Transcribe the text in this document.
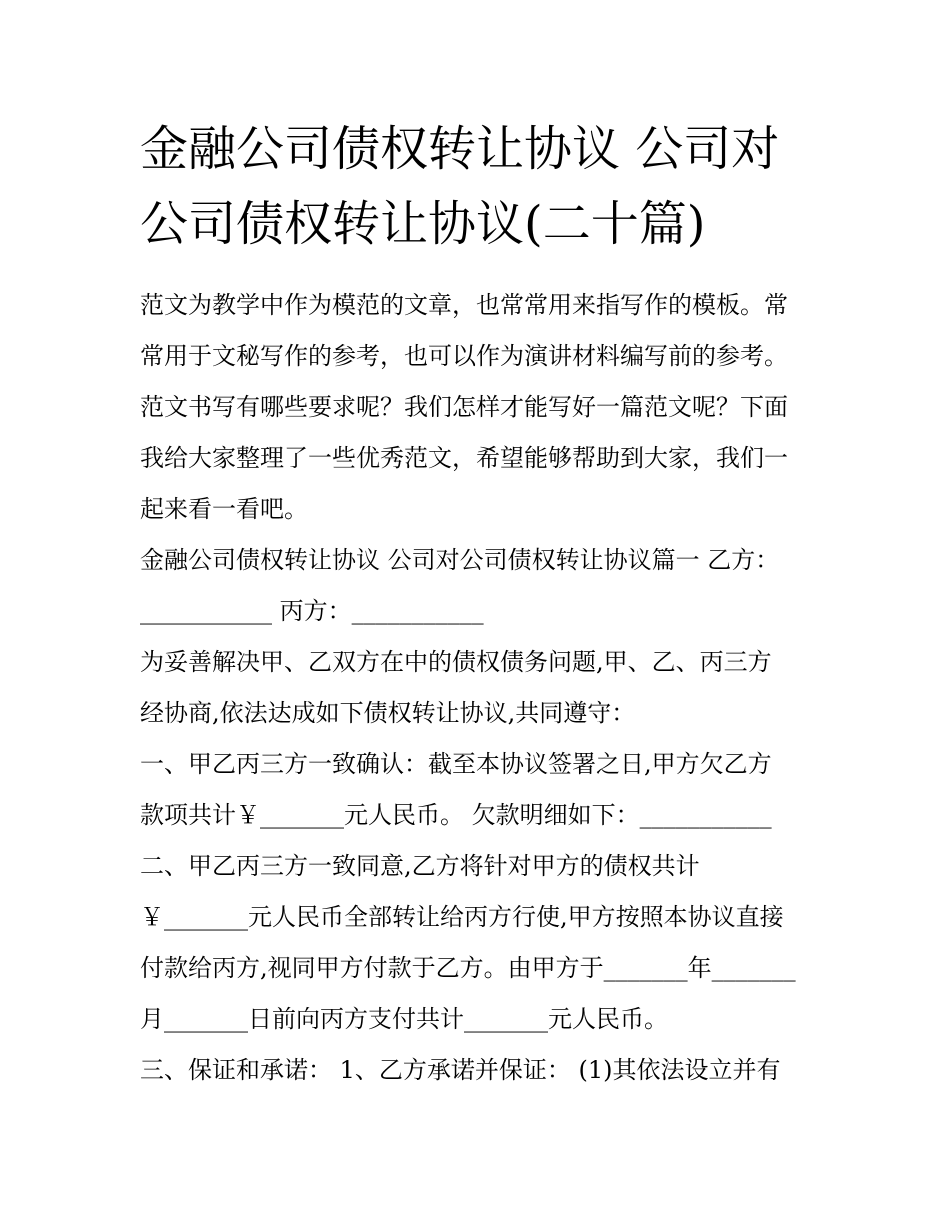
金融公司债权转让协议 公司对
公司债权转让协议(二十篇)
范文为教学中作为模范的文章，也常常用来指写作的模板。常
常用于文秘写作的参考，也可以作为演讲材料编写前的参考。
范文书写有哪些要求呢？我们怎样才能写好一篇范文呢？下面
我给大家整理了一些优秀范文，希望能够帮助到大家，我们一
起来看一看吧。
金融公司债权转让协议 公司对公司债权转让协议篇一 乙方：
___________ 丙方：___________
为妥善解决甲、乙双方在中的债权债务问题,甲、乙、丙三方
经协商,依法达成如下债权转让协议,共同遵守：
一、甲乙丙三方一致确认：截至本协议签署之日,甲方欠乙方
款项共计￥_______元人民币。 欠款明细如下：___________
二、甲乙丙三方一致同意,乙方将针对甲方的债权共计
￥_______元人民币全部转让给丙方行使,甲方按照本协议直接
付款给丙方,视同甲方付款于乙方。由甲方于_______年_______
月_______日前向丙方支付共计_______元人民币。
三、保证和承诺： 1、乙方承诺并保证： (1)其依法设立并有
